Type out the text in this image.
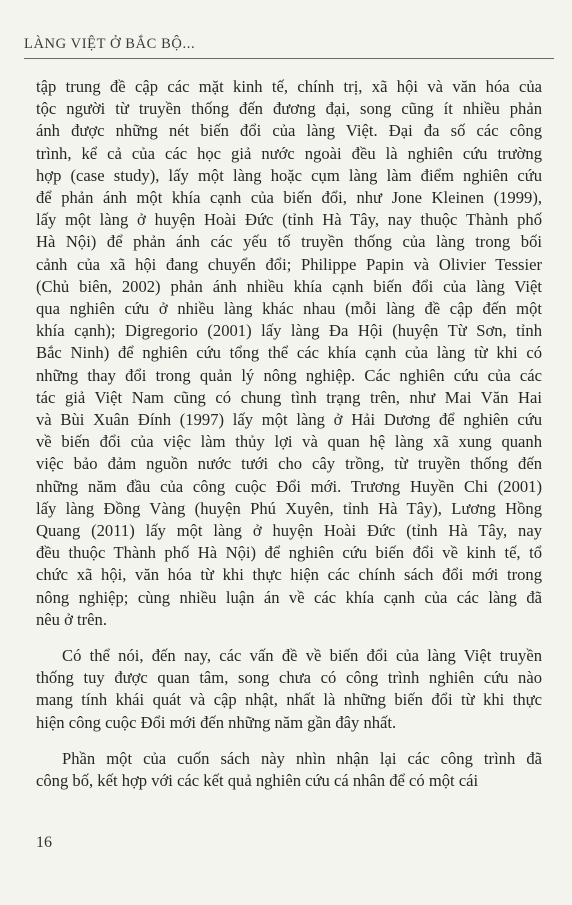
LÀNG VIỆT Ở BẮC BỘ...
tập trung đề cập các mặt kinh tế, chính trị, xã hội và văn hóa của
tộc người từ truyền thống đến đương đại, song cũng ít nhiều phản
ánh được những nét biến đổi của làng Việt. Đại đa số các công
trình, kể cả của các học giả nước ngoài đều là nghiên cứu trường
hợp (case study), lấy một làng hoặc cụm làng làm điểm nghiên cứu
để phản ánh một khía cạnh của biến đổi, như Jone Kleinen (1999),
lấy một làng ở huyện Hoài Đức (tỉnh Hà Tây, nay thuộc Thành phố
Hà Nội) để phản ánh các yếu tố truyền thống của làng trong bối
cảnh của xã hội đang chuyển đổi; Philippe Papin và Olivier Tessier
(Chủ biên, 2002) phản ánh nhiều khía cạnh biến đổi của làng Việt
qua nghiên cứu ở nhiều làng khác nhau (mỗi làng đề cập đến một
khía cạnh); Digregorio (2001) lấy làng Đa Hội (huyện Từ Sơn, tỉnh
Bắc Ninh) để nghiên cứu tổng thể các khía cạnh của làng từ khi có
những thay đổi trong quản lý nông nghiệp. Các nghiên cứu của các
tác giả Việt Nam cũng có chung tình trạng trên, như Mai Văn Hai
và Bùi Xuân Đính (1997) lấy một làng ở Hải Dương để nghiên cứu
về biến đổi của việc làm thủy lợi và quan hệ làng xã xung quanh
việc bảo đảm nguồn nước tưới cho cây trồng, từ truyền thống đến
những năm đầu của công cuộc Đổi mới. Trương Huyền Chi (2001)
lấy làng Đồng Vàng (huyện Phú Xuyên, tỉnh Hà Tây), Lương Hồng
Quang (2011) lấy một làng ở huyện Hoài Đức (tỉnh Hà Tây, nay
đều thuộc Thành phố Hà Nội) để nghiên cứu biến đổi về kinh tế, tổ
chức xã hội, văn hóa từ khi thực hiện các chính sách đổi mới trong
nông nghiệp; cùng nhiều luận án về các khía cạnh của các làng đã
nêu ở trên.
Có thể nói, đến nay, các vấn đề về biến đổi của làng Việt truyền
thống tuy được quan tâm, song chưa có công trình nghiên cứu nào
mang tính khái quát và cập nhật, nhất là những biến đổi từ khi thực
hiện công cuộc Đổi mới đến những năm gần đây nhất.
Phần một của cuốn sách này nhìn nhận lại các công trình đã
công bố, kết hợp với các kết quả nghiên cứu cá nhân để có một cái
16
